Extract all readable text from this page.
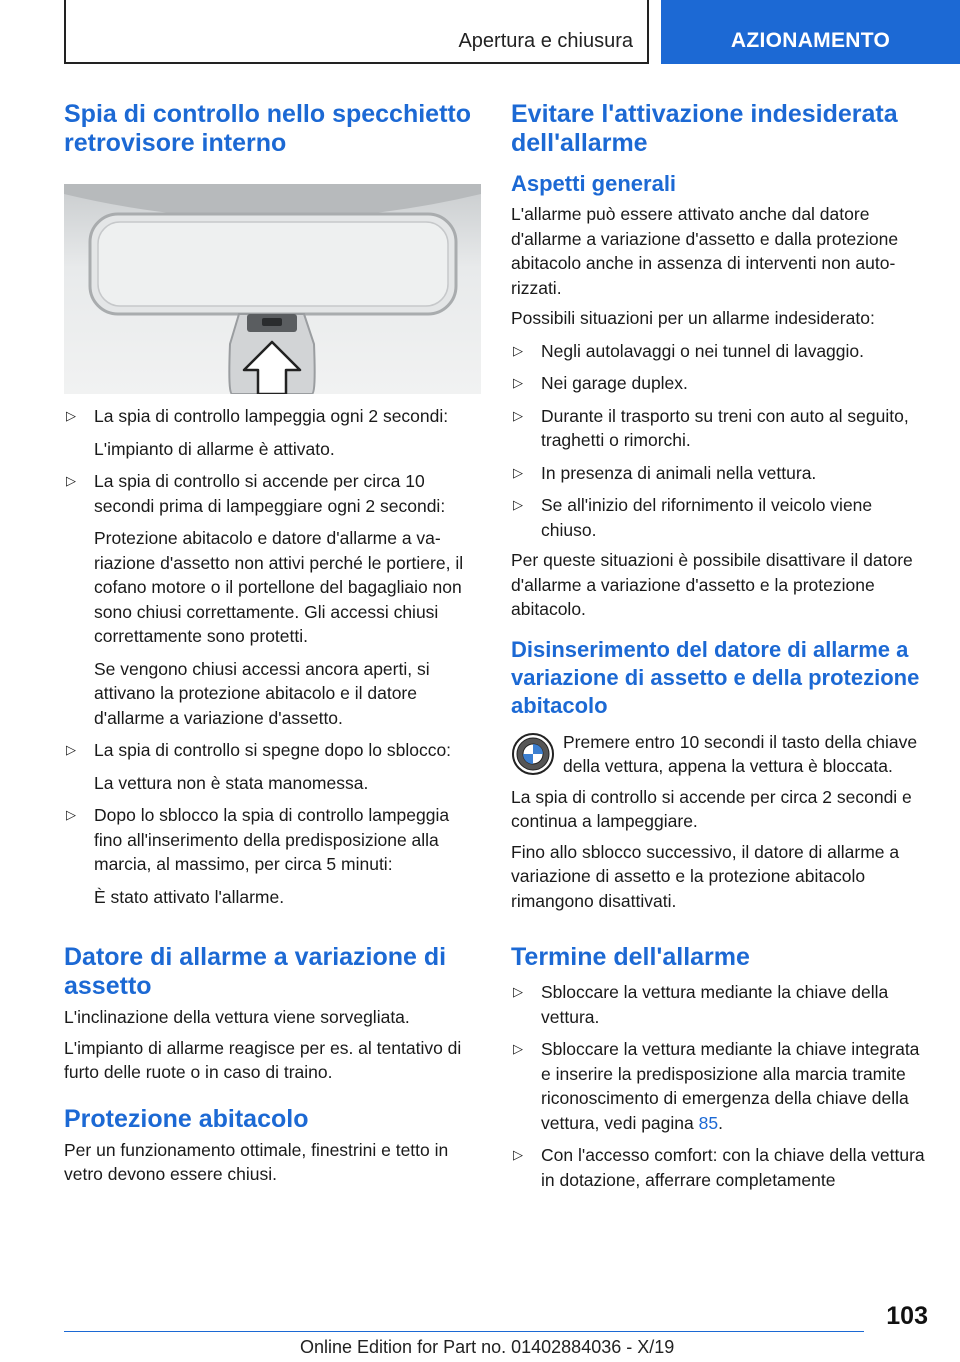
Apertura e chiusura	AZIONAMENTO
Spia di controllo nello specchietto retrovisore interno
▷ La spia di controllo lampeggia ogni 2 secondi:
L'impianto di allarme è attivato.
▷ La spia di controllo si accende per circa 10 secondi prima di lampeggiare ogni 2 secondi:
Protezione abitacolo e datore d'allarme a variazione d'assetto non attivi perché le portiere, il cofano motore o il portellone del bagagliaio non sono chiusi correttamente. Gli accessi chiusi correttamente sono protetti.
Se vengono chiusi accessi ancora aperti, si attivano la protezione abitacolo e il datore d'allarme a variazione d'assetto.
▷ La spia di controllo si spegne dopo lo sblocco:
La vettura non è stata manomessa.
▷ Dopo lo sblocco la spia di controllo lampeggia fino all'inserimento della predisposizione alla marcia, al massimo, per circa 5 minuti:
È stato attivato l'allarme.
Datore di allarme a variazione di assetto
L'inclinazione della vettura viene sorvegliata.
L'impianto di allarme reagisce per es. al tentativo di furto delle ruote o in caso di traino.
Protezione abitacolo
Per un funzionamento ottimale, finestrini e tetto in vetro devono essere chiusi.
Evitare l'attivazione indesiderata dell'allarme
Aspetti generali
L'allarme può essere attivato anche dal datore d'allarme a variazione d'assetto e dalla protezione abitacolo anche in assenza di interventi non autorizzati.
Possibili situazioni per un allarme indesiderato:
▷ Negli autolavaggi o nei tunnel di lavaggio.
▷ Nei garage duplex.
▷ Durante il trasporto su treni con auto al seguito, traghetti o rimorchi.
▷ In presenza di animali nella vettura.
▷ Se all'inizio del rifornimento il veicolo viene chiuso.
Per queste situazioni è possibile disattivare il datore d'allarme a variazione d'assetto e la protezione abitacolo.
Disinserimento del datore di allarme a variazione di assetto e della protezione abitacolo
Premere entro 10 secondi il tasto della chiave della vettura, appena la vettura è bloccata.
La spia di controllo si accende per circa 2 secondi e continua a lampeggiare.
Fino allo sblocco successivo, il datore di allarme a variazione di assetto e la protezione abitacolo rimangono disattivati.
Termine dell'allarme
▷ Sbloccare la vettura mediante la chiave della vettura.
▷ Sbloccare la vettura mediante la chiave integrata e inserire la predisposizione alla marcia tramite riconoscimento di emergenza della chiave della vettura, vedi pagina 85.
▷ Con l'accesso comfort: con la chiave della vettura in dotazione, afferrare completamente
103
Online Edition for Part no. 01402884036 - X/19
